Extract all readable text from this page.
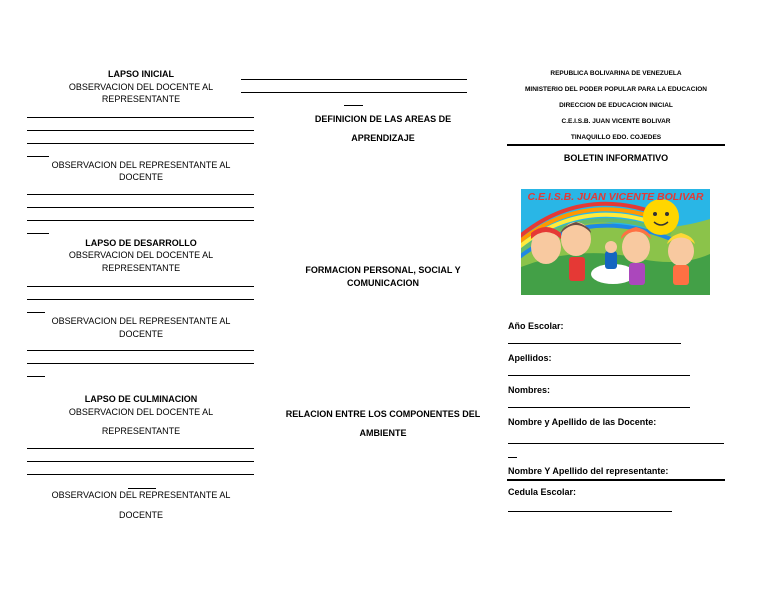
LAPSO INICIAL
OBSERVACION DEL DOCENTE AL
REPRESENTANTE
OBSERVACION DEL REPRESENTANTE AL
DOCENTE
LAPSO DE DESARROLLO
OBSERVACION DEL DOCENTE AL
REPRESENTANTE
OBSERVACION DEL REPRESENTANTE AL
DOCENTE
LAPSO DE CULMINACION
OBSERVACION DEL DOCENTE AL
REPRESENTANTE
OBSERVACION DEL REPRESENTANTE AL
DOCENTE
DEFINICION DE LAS AREAS DE
APRENDIZAJE
FORMACION PERSONAL, SOCIAL Y
COMUNICACION
RELACION ENTRE LOS COMPONENTES DEL
AMBIENTE
REPUBLICA BOLIVARINA DE VENEZUELA
MINISTERIO DEL PODER POPULAR PARA LA EDUCACION
DIRECCION DE EDUCACION INICIAL
C.E.I.S.B. JUAN VICENTE BOLIVAR
TINAQUILLO EDO. COJEDES
BOLETIN INFORMATIVO
C.E.I.S.B. JUAN VICENTE BOLIVAR
Año Escolar:
Apellidos:
Nombres:
Nombre y Apellido de las Docente:
Nombre Y Apellido del representante:
Cedula Escolar:
